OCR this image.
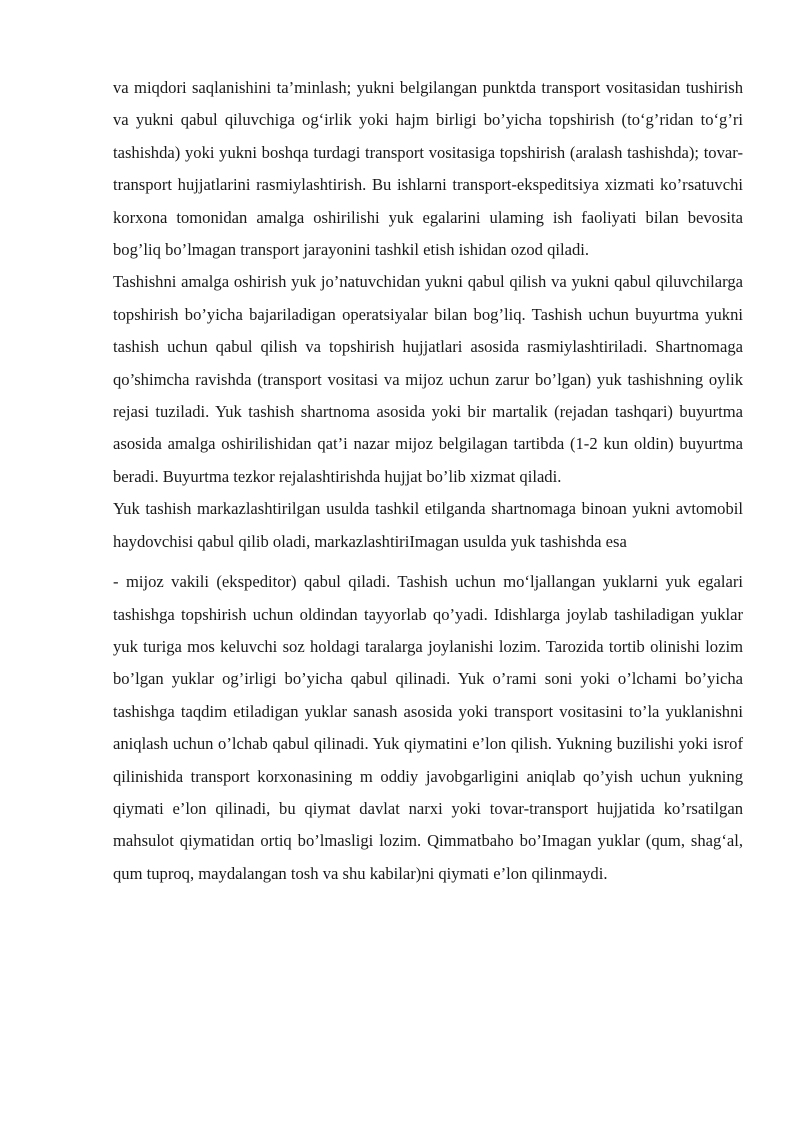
va miqdori saqlanishini ta’minlash; yukni belgilangan punktda transport vositasidan tushirish va yukni qabul qiluvchiga og‘irlik yoki hajm birligi bo’yicha topshirish (to‘g’ridan to‘g’ri tashishda) yoki yukni boshqa turdagi transport vositasiga topshirish (aralash tashishda); tovar-transport hujjatlarini rasmiylashtirish. Bu ishlarni transport-ekspeditsiya xizmati ko’rsatuvchi korxona tomonidan amalga oshirilishi yuk egalarini ulaming ish faoliyati bilan bevosita bog’liq bo’lmagan transport jarayonini tashkil etish ishidan ozod qiladi.

Tashishni amalga oshirish yuk jo’natuvchidan yukni qabul qilish va yukni qabul qiluvchilarga topshirish bo’yicha bajariladigan operatsiyalar bilan bog’liq. Tashish uchun buyurtma yukni tashish uchun qabul qilish va topshirish hujjatlari asosida rasmiylashtiriladi. Shartnomaga qo’shimcha ravishda (transport vositasi va mijoz uchun zarur bo’lgan) yuk tashishning oylik rejasi tuziladi. Yuk tashish shartnoma asosida yoki bir martalik (rejadan tashqari) buyurtma asosida amalga oshirilishidan qat’i nazar mijoz belgilagan tartibda (1-2 kun oldin) buyurtma beradi. Buyurtma tezkor rejalashtirishda hujjat bo’lib xizmat qiladi.

Yuk tashish markazlashtirilgan usulda tashkil etilganda shartnomaga binoan yukni avtomobil haydovchisi qabul qilib oladi, markazlashtiriImagan usulda yuk tashishda esa

- mijoz vakili (ekspeditor) qabul qiladi. Tashish uchun mo‘ljallangan yuklarni yuk egalari tashishga topshirish uchun oldindan tayyorlab qo’yadi. Idishlarga joylab tashiladigan yuklar yuk turiga mos keluvchi soz holdagi taralarga joylanishi lozim. Tarozida tortib olinishi lozim bo’lgan yuklar og’irligi bo’yicha qabul qilinadi. Yuk o’rami soni yoki o’lchami bo’yicha tashishga taqdim etiladigan yuklar sanash asosida yoki transport vositasini to’la yuklanishni aniqlash uchun o’lchab qabul qilinadi. Yuk qiymatini e’lon qilish. Yukning buzilishi yoki isrof qilinishida transport korxonasining m oddiy javobgarligini aniqlab qo’yish uchun yukning qiymati e’lon qilinadi, bu qiymat davlat narxi yoki tovar-transport hujjatida ko’rsatilgan mahsulot qiymatidan ortiq bo’lmasligi lozim. Qimmatbaho bo’Imagan yuklar (qum, shag‘al, qum tuproq, maydalangan tosh va shu kabilar)ni qiymati e’lon qilinmaydi.
